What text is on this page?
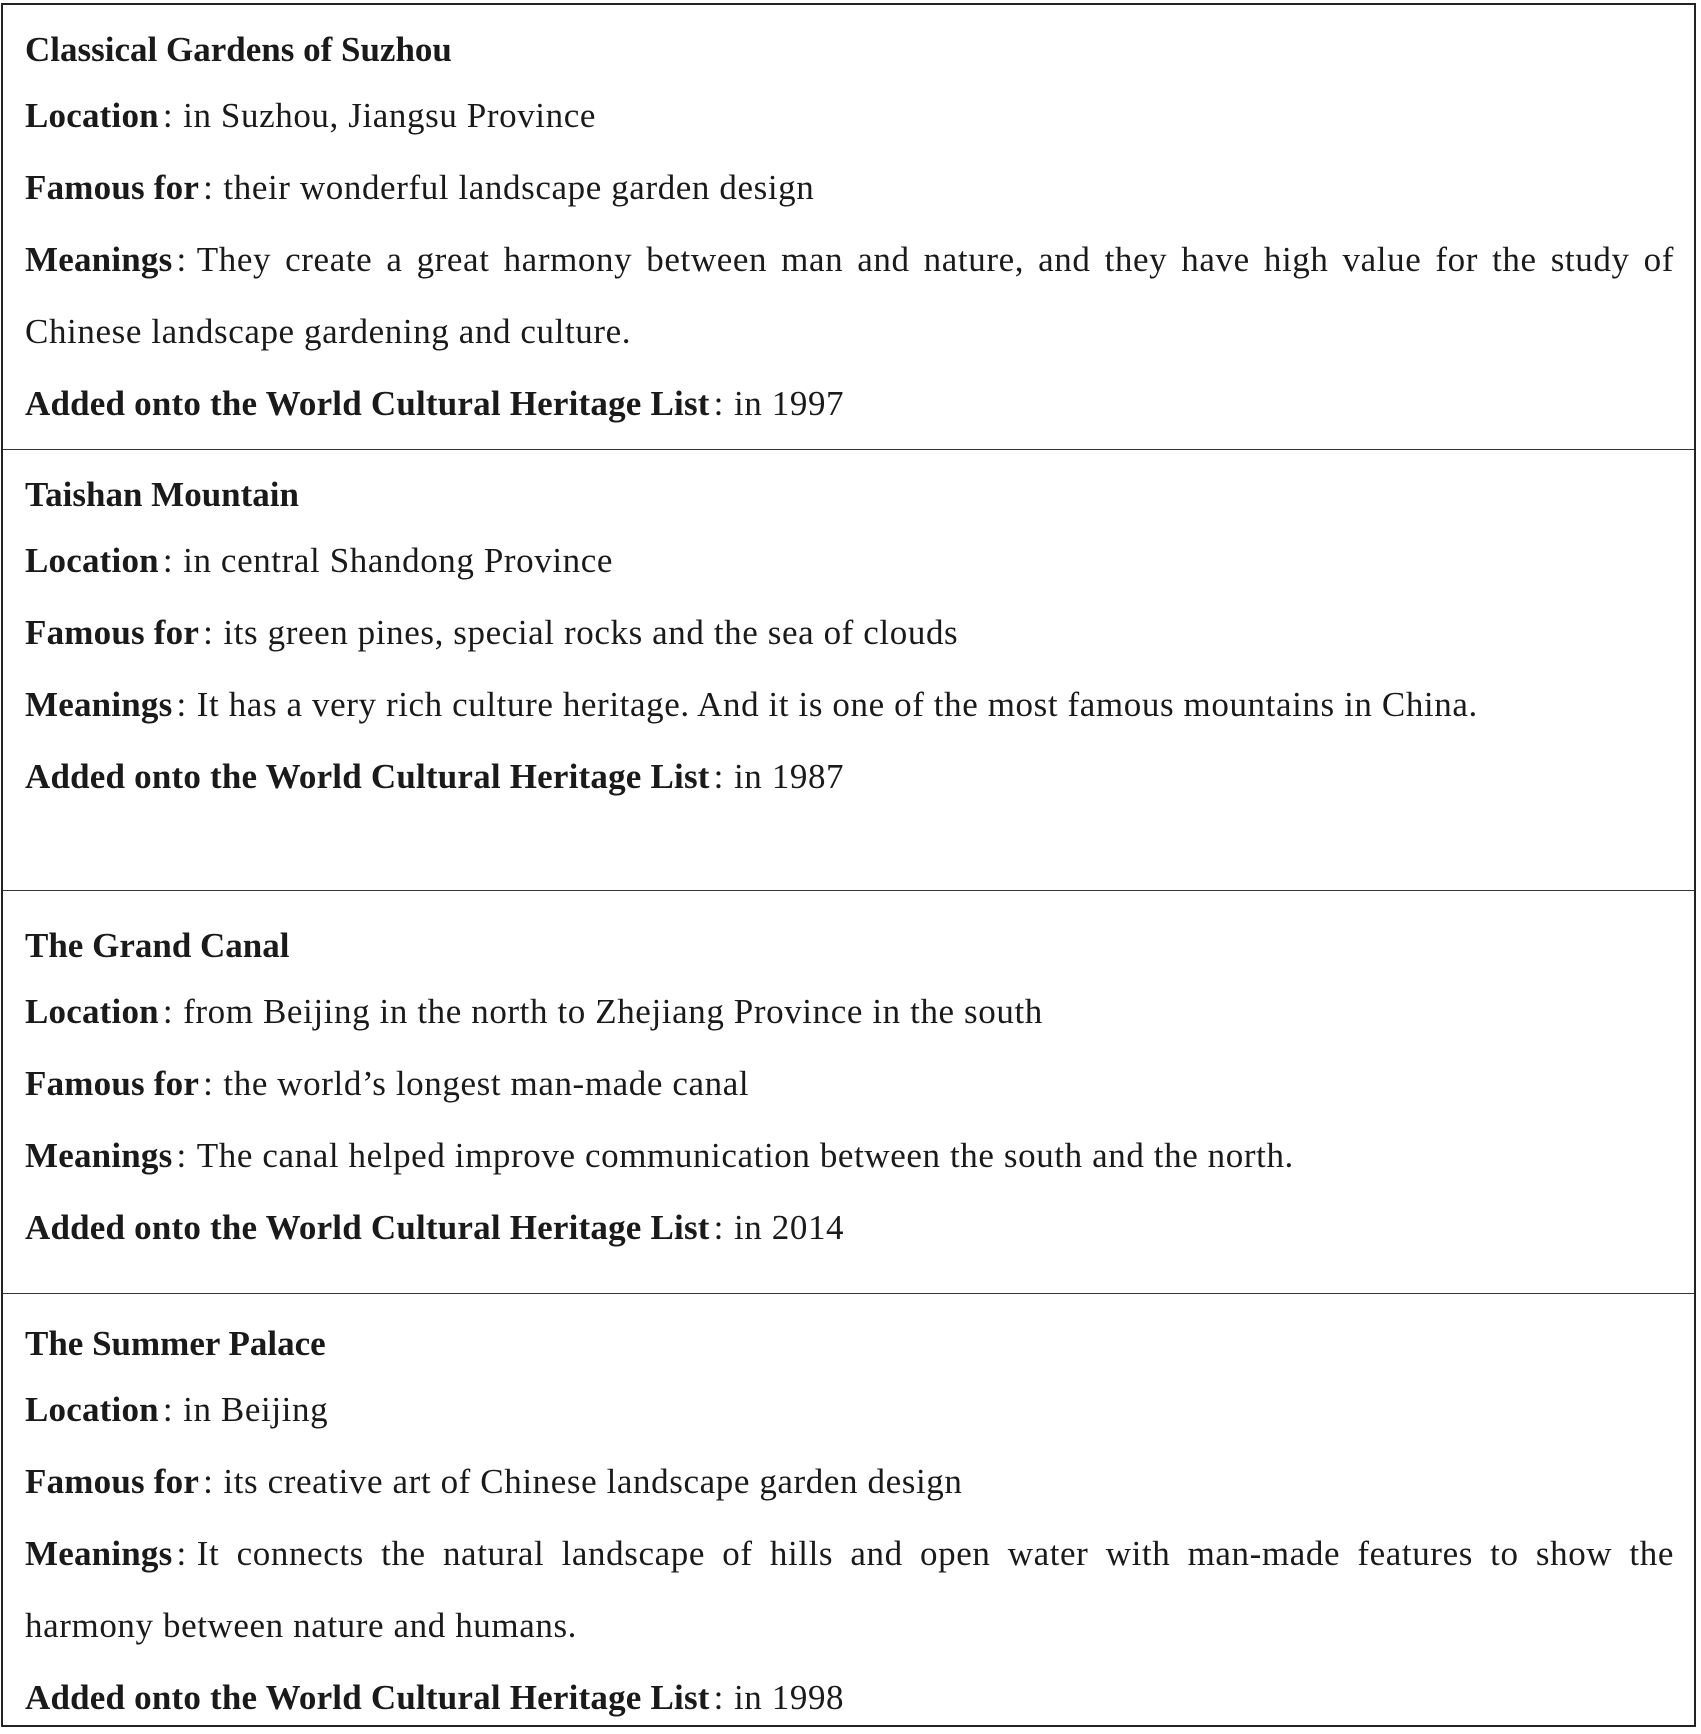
Classical Gardens of Suzhou
Location : in Suzhou, Jiangsu Province
Famous for : their wonderful landscape garden design
Meanings : They create a great harmony between man and nature, and they have high value for the study of Chinese landscape gardening and culture.
Added onto the World Cultural Heritage List : in 1997
Taishan Mountain
Location : in central Shandong Province
Famous for : its green pines, special rocks and the sea of clouds
Meanings : It has a very rich culture heritage. And it is one of the most famous mountains in China.
Added onto the World Cultural Heritage List : in 1987
The Grand Canal
Location : from Beijing in the north to Zhejiang Province in the south
Famous for : the world’s longest man-made canal
Meanings : The canal helped improve communication between the south and the north.
Added onto the World Cultural Heritage List : in 2014
The Summer Palace
Location : in Beijing
Famous for : its creative art of Chinese landscape garden design
Meanings : It connects the natural landscape of hills and open water with man-made features to show the harmony between nature and humans.
Added onto the World Cultural Heritage List : in 1998
